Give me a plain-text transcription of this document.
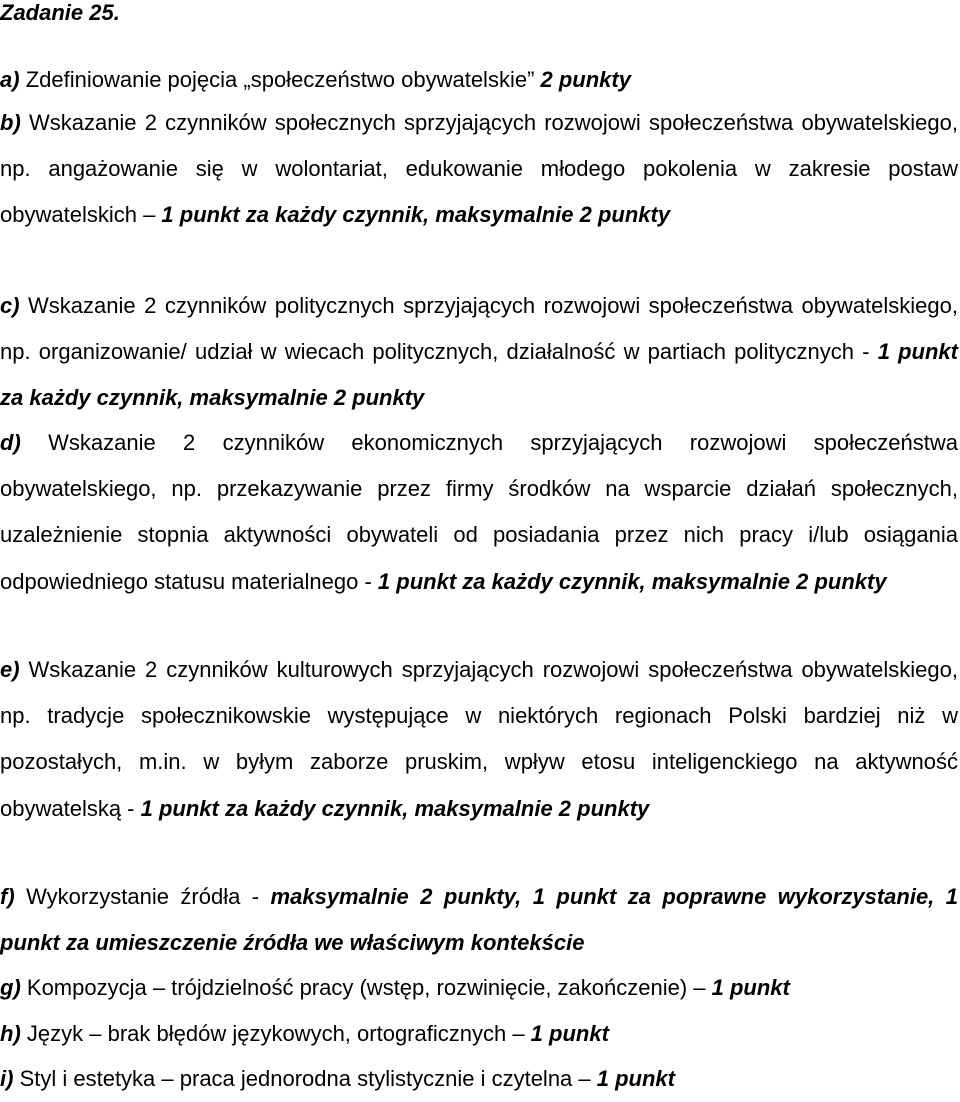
Zadanie 25.
a) Zdefiniowanie pojęcia „społeczeństwo obywatelskie” 2 punkty
b) Wskazanie 2 czynników społecznych sprzyjających rozwojowi społeczeństwa obywatelskiego, np. angażowanie się w wolontariat, edukowanie młodego pokolenia w zakresie postaw obywatelskich – 1 punkt za każdy czynnik, maksymalnie 2 punkty
c) Wskazanie 2 czynników politycznych sprzyjających rozwojowi społeczeństwa obywatelskiego, np. organizowanie/ udział w wiecach politycznych, działalność w partiach politycznych - 1 punkt za każdy czynnik, maksymalnie 2 punkty
d) Wskazanie 2 czynników ekonomicznych sprzyjających rozwojowi społeczeństwa obywatelskiego, np. przekazywanie przez firmy środków na wsparcie działań społecznych, uzależnienie stopnia aktywności obywateli od posiadania przez nich pracy i/lub osiągania odpowiedniego statusu materialnego - 1 punkt za każdy czynnik, maksymalnie 2 punkty
e) Wskazanie 2 czynników kulturowych sprzyjających rozwojowi społeczeństwa obywatelskiego, np. tradycje społecznikowskie występujące w niektórych regionach Polski bardziej niż w pozostałych, m.in. w byłym zaborze pruskim, wpływ etosu inteligenckiego na aktywność obywatelską - 1 punkt za każdy czynnik, maksymalnie 2 punkty
f) Wykorzystanie źródła - maksymalnie 2 punkty, 1 punkt za poprawne wykorzystanie, 1 punkt za umieszczenie źródła we właściwym kontekście
g) Kompozycja – trójdzielność pracy (wstęp, rozwinięcie, zakończenie) – 1 punkt
h) Język – brak błędów językowych, ortograficznych – 1 punkt
i) Styl i estetyka – praca jednorodna stylistycznie i czytelna – 1 punkt
